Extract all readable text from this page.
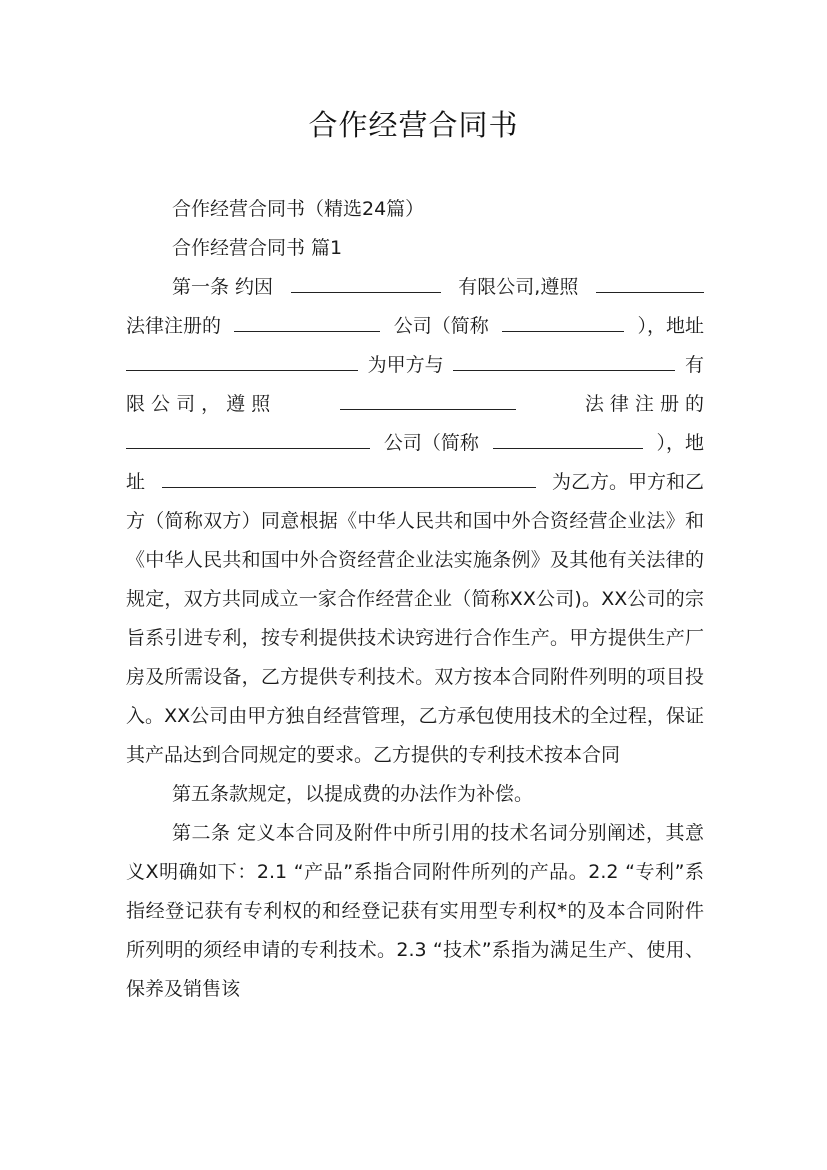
合作经营合同书

合作经营合同书（精选24篇）

合作经营合同书 篇1

第一条 约因	有限公司,遵照
法律注册的	公司（简称	），地址
为甲方与	有
限 公 司 ， 遵 照	法 律 注 册 的
公司（简称	），地
址	为乙方。甲方和乙

方（简称双方）同意根据《中华人民共和国中外合资经营企业法》和《中华人民共和国中外合资经营企业法实施条例》及其他有关法律的规定，双方共同成立一家合作经营企业（简称XX公司)。XX公司的宗旨系引进专利，按专利提供技术诀窍进行合作生产。甲方提供生产厂房及所需设备，乙方提供专利技术。双方按本合同附件列明的项目投入。XX公司由甲方独自经营管理，乙方承包使用技术的全过程，保证其产品达到合同规定的要求。乙方提供的专利技术按本合同

第五条款规定，以提成费的办法作为补偿。

第二条 定义本合同及附件中所引用的技术名词分别阐述，其意义X明确如下：2.1 “产品”系指合同附件所列的产品。2.2 “专利”系指经登记获有专利权的和经登记获有实用型专利权*的及本合同附件所列明的须经申请的专利技术。2.3 “技术”系指为满足生产、使用、保养及销售该
